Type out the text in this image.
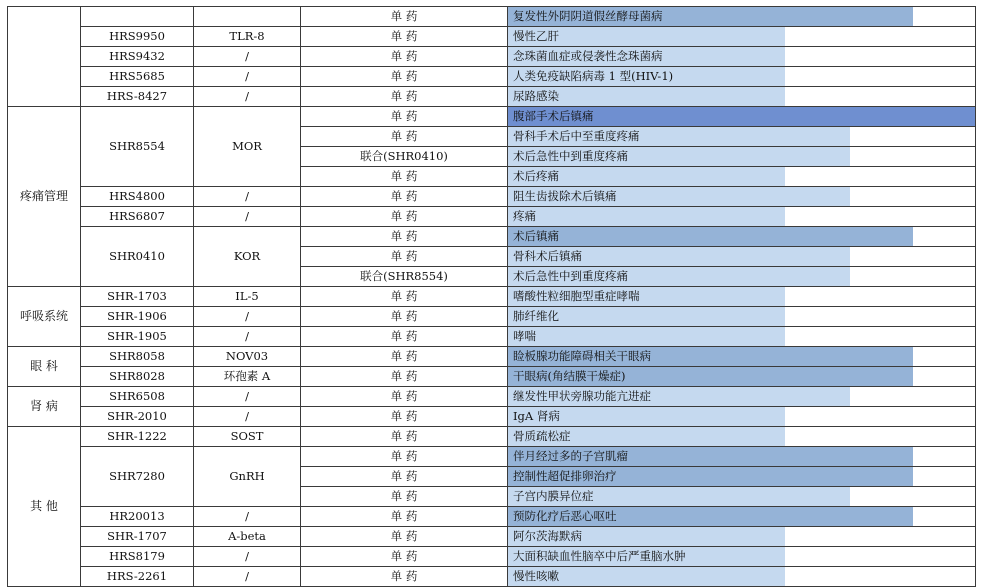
			单 药	复发性外阴阴道假丝酵母菌病
	HRS9950	TLR-8	单 药	慢性乙肝
	HRS9432	/	单 药	念珠菌血症或侵袭性念珠菌病
	HRS5685	/	单 药	人类免疫缺陷病毒 1 型(HIV-1)
	HRS-8427	/	单 药	尿路感染
疼痛管理	SHR8554	MOR	单 药	腹部手术后镇痛
			单 药	骨科手术后中至重度疼痛
			联合(SHR0410)	术后急性中到重度疼痛
			单 药	术后疼痛
	HRS4800	/	单 药	阻生齿拔除术后镇痛
	HRS6807	/	单 药	疼痛
	SHR0410	KOR	单 药	术后镇痛
			单 药	骨科术后镇痛
			联合(SHR8554)	术后急性中到重度疼痛
呼吸系统	SHR-1703	IL-5	单 药	嗜酸性粒细胞型重症哮喘
	SHR-1906	/	单 药	肺纤维化
	SHR-1905	/	单 药	哮喘
眼 科	SHR8058	NOV03	单 药	睑板腺功能障碍相关干眼病
	SHR8028	环孢素 A	单 药	干眼病(角结膜干燥症)
肾 病	SHR6508	/	单 药	继发性甲状旁腺功能亢进症
	SHR-2010	/	单 药	IgA 肾病
其 他	SHR-1222	SOST	单 药	骨质疏松症
	SHR7280	GnRH	单 药	伴月经过多的子宫肌瘤
			单 药	控制性超促排卵治疗
			单 药	子宫内膜异位症
	HR20013	/	单 药	预防化疗后恶心呕吐
	SHR-1707	A-beta	单 药	阿尔茨海默病
	HRS8179	/	单 药	大面积缺血性脑卒中后严重脑水肿
	HRS-2261	/	单 药	慢性咳嗽
